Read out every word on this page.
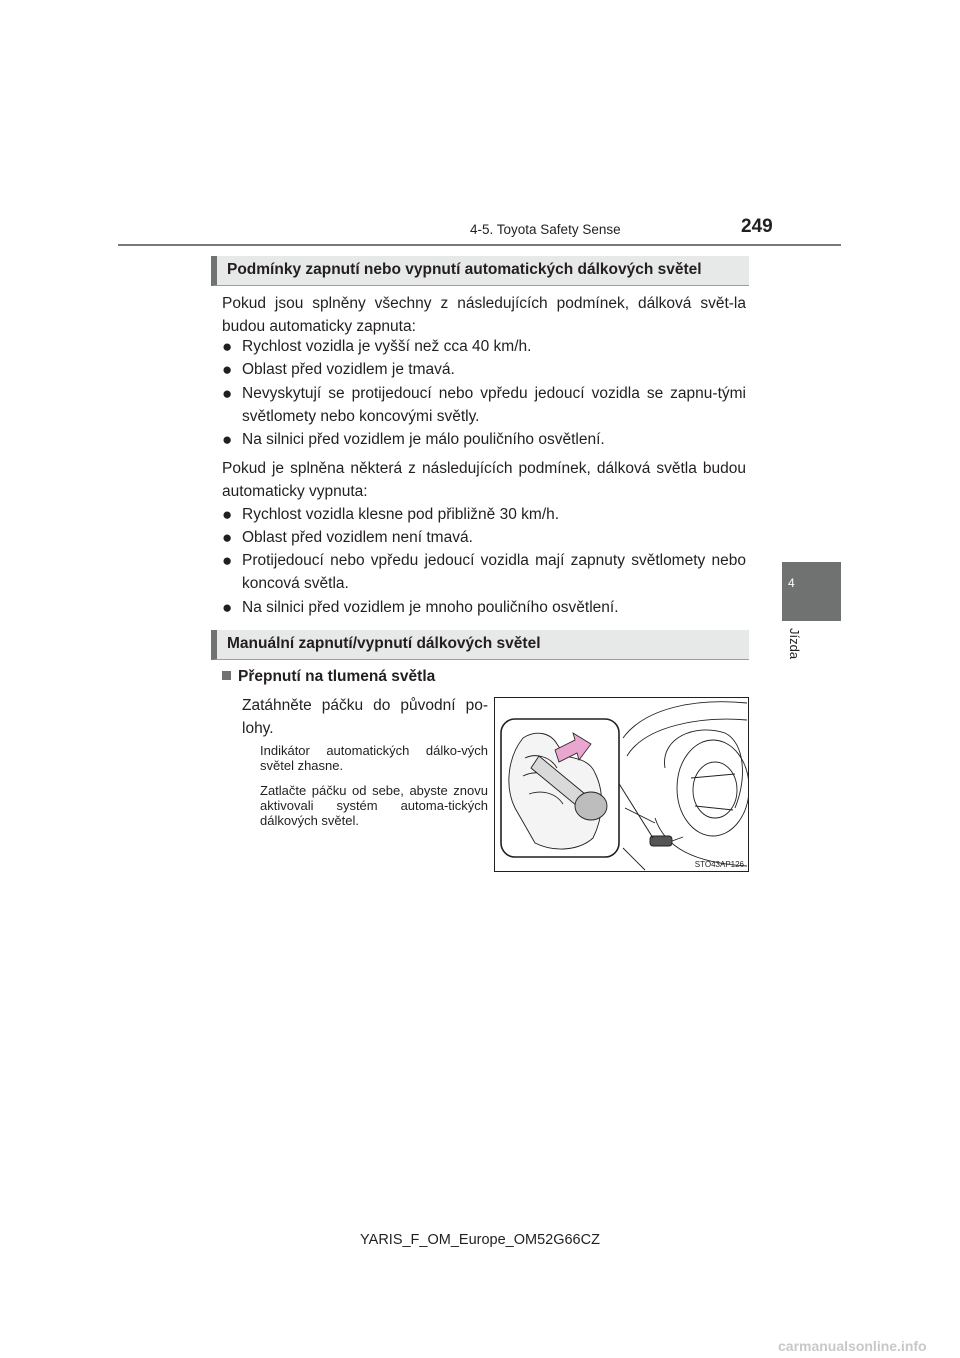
4-5. Toyota Safety Sense	249
4
Jízda
Podmínky zapnutí nebo vypnutí automatických dálkových světel
Pokud jsou splněny všechny z následujících podmínek, dálková svět-la budou automaticky zapnuta:
● Rychlost vozidla je vyšší než cca 40 km/h.
● Oblast před vozidlem je tmavá.
● Nevyskytují se protijedoucí nebo vpředu jedoucí vozidla se zapnu-tými světlomety nebo koncovými světly.
● Na silnici před vozidlem je málo pouličního osvětlení.
Pokud je splněna některá z následujících podmínek, dálková světla budou automaticky vypnuta:
● Rychlost vozidla klesne pod přibližně 30 km/h.
● Oblast před vozidlem není tmavá.
● Protijedoucí nebo vpředu jedoucí vozidla mají zapnuty světlomety nebo koncová světla.
● Na silnici před vozidlem je mnoho pouličního osvětlení.
Manuální zapnutí/vypnutí dálkových světel
Přepnutí na tlumená světla
Zatáhněte páčku do původní po-lohy.
Indikátor automatických dálko-vých světel zhasne.
Zatlačte páčku od sebe, abyste znovu aktivovali systém automa-tických dálkových světel.
STO43AP126
YARIS_F_OM_Europe_OM52G66CZ
carmanualsonline.info
